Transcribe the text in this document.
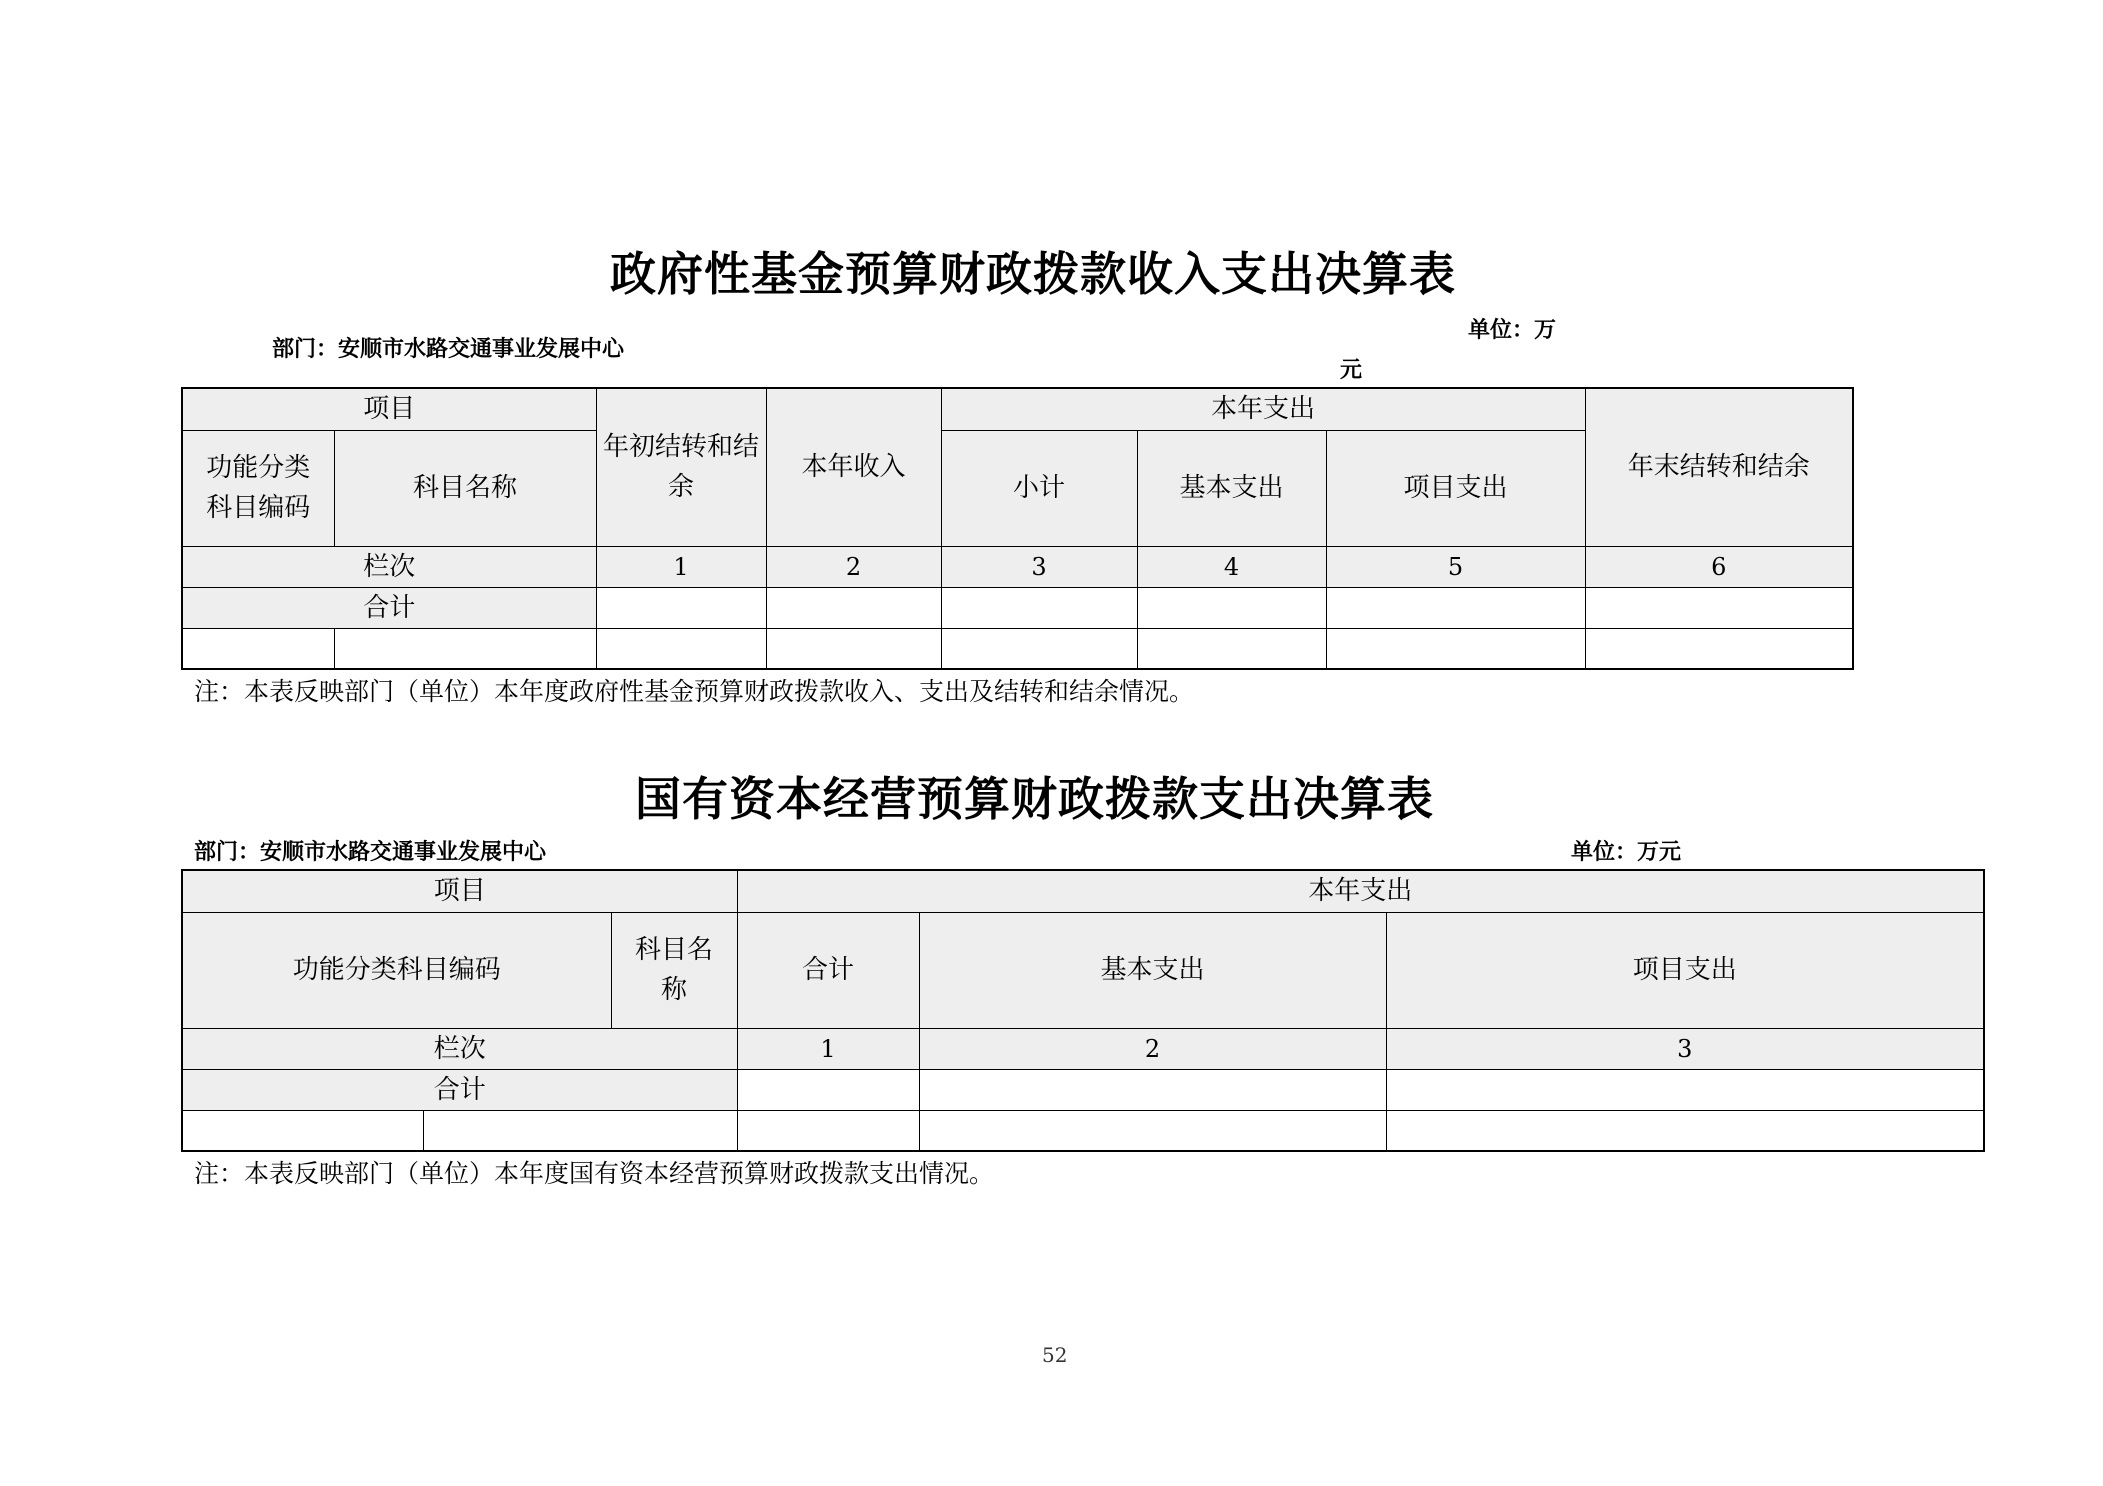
政府性基金预算财政拨款收入支出决算表
部门：安顺市水路交通事业发展中心
单位：万
元
项目		年初结转和结余	本年收入	本年支出			年末结转和结余
功能分类科目编码	科目名称			小计	基本支出	项目支出	
栏次		1	2	3	4	5	6
合计							

注：本表反映部门（单位）本年度政府性基金预算财政拨款收入、支出及结转和结余情况。
国有资本经营预算财政拨款支出决算表
部门：安顺市水路交通事业发展中心	单位：万元
项目			本年支出		
功能分类科目编码		科目名称	合计	基本支出	项目支出
栏次			1	2	3
合计					

注：本表反映部门（单位）本年度国有资本经营预算财政拨款支出情况。
52
